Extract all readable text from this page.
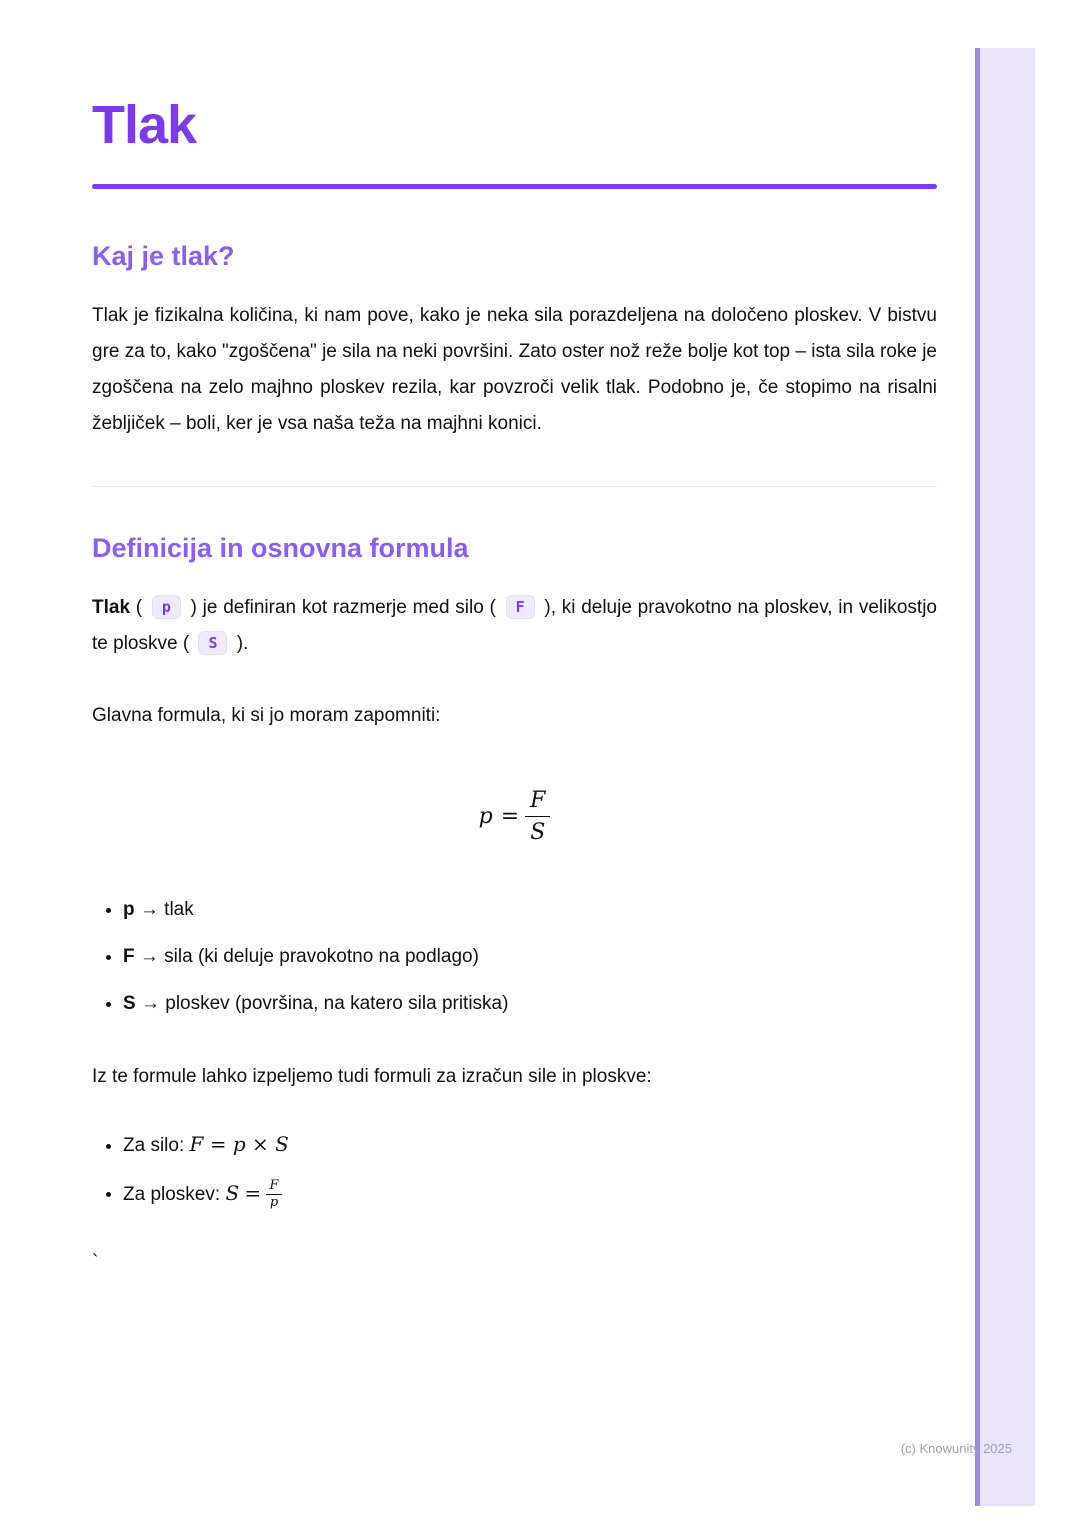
Tlak
Kaj je tlak?

Tlak je fizikalna količina, ki nam pove, kako je neka sila porazdeljena na določeno ploskev. V bistvu gre za to, kako "zgoščena" je sila na neki površini. Zato oster nož reže bolje kot top – ista sila roke je zgoščena na zelo majhno ploskev rezila, kar povzroči velik tlak. Podobno je, če stopimo na risalni žebljiček – boli, ker je vsa naša teža na majhni konici.

Definicija in osnovna formula

Tlak ( p ) je definiran kot razmerje med silo ( F ), ki deluje pravokotno na ploskev, in velikostjo te ploskve ( S ).

Glavna formula, ki si jo moram zapomniti:

$p = \frac{F}{S}$
• p → tlak
• F → sila (ki deluje pravokotno na podlago)
• S → ploskev (površina, na katero sila pritiska)

Iz te formule lahko izpeljemo tudi formuli za izračun sile in ploskve:

• Za silo: F = p × S
• Za ploskev: $S = \frac{F}{p}$

`

(c) Knowunity 2025
